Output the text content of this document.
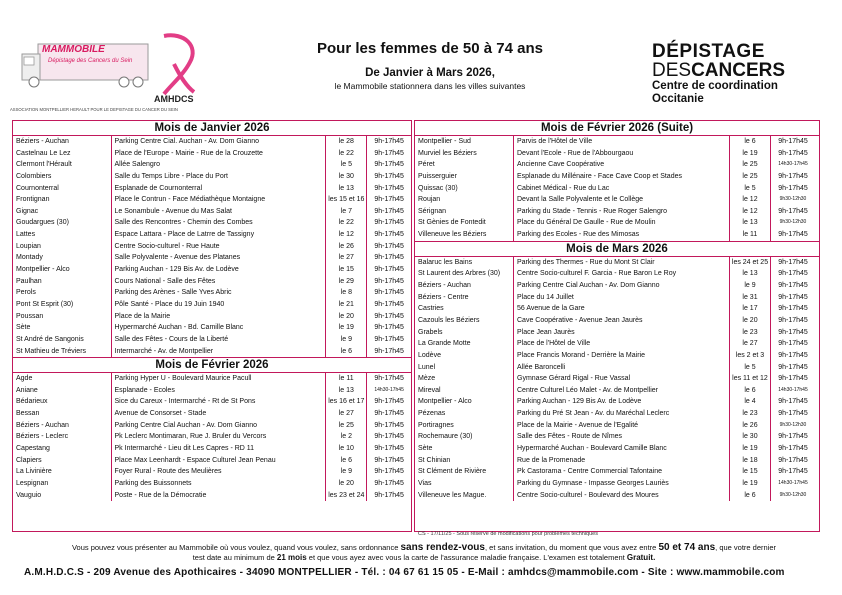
AMHDCS
MAMMOBILE
Dépistage des Cancers du Sein
ASSOCIATION MONTPELLIER HERAULT POUR LE DEPISTAGE DU CANCER DU SEIN
Pour les femmes de 50 à 74 ans
De Janvier à Mars 2026,
le Mammobile stationnera dans les villes suivantes
DÉPISTAGE
DESCANCERS
Centre de coordination
Occitanie
Mois de Janvier 2026
Béziers - Auchan	Parking Centre Cial. Auchan - Av. Dom Gianno	le 28	9h-17h45
Castelnau Le Lez	Place de l'Europe - Mairie - Rue de la Crouzette	le 22	9h-17h45
Clermont l'Hérault	Allée Salengro	le 5	9h-17h45
Colombiers	Salle du Temps Libre - Place du Port	le 30	9h-17h45
Cournonterral	Esplanade de Cournonterral	le 13	9h-17h45
Frontignan	Place le Contrun - Face Médiathèque Montaigne	les 15 et 16	9h-17h45
Gignac	Le Sonambule - Avenue du Mas Salat	le 7	9h-17h45
Goudargues (30)	Salle des Rencontres - Chemin des Combes	le 22	9h-17h45
Lattes	Espace Lattara - Place de Latrre de Tassigny	le 12	9h-17h45
Loupian	Centre Socio-culturel - Rue Haute	le 26	9h-17h45
Montady	Salle Polyvalente - Avenue des Platanes	le 27	9h-17h45
Montpellier - Alco	Parking Auchan - 129 Bis Av. de Lodève	le 15	9h-17h45
Paulhan	Cours National - Salle des Fêtes	le 29	9h-17h45
Perols	Parking des Arènes - Salle Yves Abric	le 8	9h-17h45
Pont St Esprit (30)	Pôle Santé - Place du 19 Juin 1940	le 21	9h-17h45
Poussan	Place de la Mairie	le 20	9h-17h45
Sète	Hypermarché Auchan - Bd. Camille Blanc	le 19	9h-17h45
St André de Sangonis	Salle des Fêtes - Cours de la Liberté	le 9	9h-17h45
St Mathieu de Tréviers	Intermarché - Av. de Montpellier	le 6	9h-17h45
Mois de Février 2026
Agde	Parking Hyper U - Boulevard Maurice Pacull	le 11	9h-17h45
Aniane	Esplanade - Ecoles	le 13	14h30-17h45
Bédarieux	Sice du Careux - Intermarché - Rt de St Pons	les 16 et 17	9h-17h45
Bessan	Avenue de Consorset - Stade	le 27	9h-17h45
Béziers - Auchan	Parking Centre Cial Auchan - Av. Dom Gianno	le 25	9h-17h45
Béziers - Leclerc	Pk Leclerc Montimaran, Rue J. Bruler du Vercors	le 2	9h-17h45
Capestang	Pk Intermarché - Lieu dit Les Capres - RD 11	le 10	9h-17h45
Clapiers	Place Max Leenhardt - Espace Culturel Jean Penau	le 6	9h-17h45
La Livinière	Foyer Rural - Route des Meulières	le 9	9h-17h45
Lespignan	Parking des Buissonnets	le 20	9h-17h45
Vauguio	Poste - Rue de la Démocratie	les 23 et 24	9h-17h45
Mois de Février 2026 (Suite)
Montpellier - Sud	Parvis de l'Hôtel de Ville	le 6	9h-17h45
Murviel les Béziers	Devant l'Ecole - Rue de l'Abbourgaou	le 19	9h-17h45
Péret	Ancienne Cave Coopérative	le 25	14h30-17h45
Puisserguier	Esplanade du Millénaire - Face Cave Coop et Stades	le 25	9h-17h45
Quissac (30)	Cabinet Médical - Rue du Lac	le 5	9h-17h45
Roujan	Devant la Salle Polyvalente et le Collège	le 12	9h30-12h30
Sérignan	Parking du Stade - Tennis - Rue Roger Salengro	le 12	9h-17h45
St Gènies de Fontedit	Place du Général De Gaulle - Rue de Moulin	le 13	9h30-12h30
Villeneuve les Béziers	Parking des Ecoles - Rue des Mimosas	le 11	9h-17h45
Mois de Mars 2026
Balaruc les Bains	Parking des Thermes - Rue du Mont St Clair	les 24 et 25	9h-17h45
St Laurent des Arbres (30)	Centre Socio-culturel F. Garcia - Rue Baron Le Roy	le 13	9h-17h45
Béziers - Auchan	Parking Centre Cial Auchan - Av. Dom Gianno	le 9	9h-17h45
Béziers - Centre	Place du 14 Juillet	le 31	9h-17h45
Castries	56 Avenue de la Gare	le 17	9h-17h45
Cazouls les Béziers	Cave Coopérative - Avenue Jean Jaurès	le 20	9h-17h45
Grabels	Place Jean Jaurès	le 23	9h-17h45
La Grande Motte	Place de l'Hôtel de Ville	le 27	9h-17h45
Lodève	Place Francis Morand - Derrière la Mairie	les 2 et 3	9h-17h45
Lunel	Allée Baroncelli	le 5	9h-17h45
Mèze	Gymnase Gérard Rigal - Rue Vassal	les 11 et 12	9h-17h45
Mireval	Centre Culturel Léo Malet - Av. de Montpellier	le 6	14h30-17h45
Montpellier - Alco	Parking Auchan - 129 Bis Av. de Lodève	le 4	9h-17h45
Pézenas	Parking du Pré St Jean - Av. du Maréchal Leclerc	le 23	9h-17h45
Portiragnes	Place de la Mairie - Avenue de l'Egalité	le 26	9h30-12h30
Rochemaure (30)	Salle des Fêtes - Route de Nîmes	le 30	9h-17h45
Sète	Hypermarché Auchan - Boulevard Camille Blanc	le 19	9h-17h45
St Chinian	Rue de la Promenade	le 18	9h-17h45
St Clément de Rivière	Pk Castorama - Centre Commercial Tafontaine	le 15	9h-17h45
Vias	Parking du Gymnase - Impasse Georges Lauriès	le 19	14h30-17h45
Villeneuve les Mague.	Centre Socio-culturel - Boulevard des Moures	le 6	9h30-12h30
CS - 17/11/25 - Sous réserve de modifications pour problèmes techniques
Vous pouvez vous présenter au Mammobile où vous voulez, quand vous voulez, sans ordonnance sans rendez-vous, et sans invitation, du moment que vous avez entre 50 et 74 ans, que votre dernier
test date au minimum de 21 mois et que vous ayez avec vous la carte de l'assurance maladie française. L'examen est totalement Gratuit.
A.M.H.D.C.S - 209 Avenue des Apothicaires - 34090 MONTPELLIER - Tél. : 04 67 61 15 05 - E-Mail : amhdcs@mammobile.com - Site : www.mammobile.com
